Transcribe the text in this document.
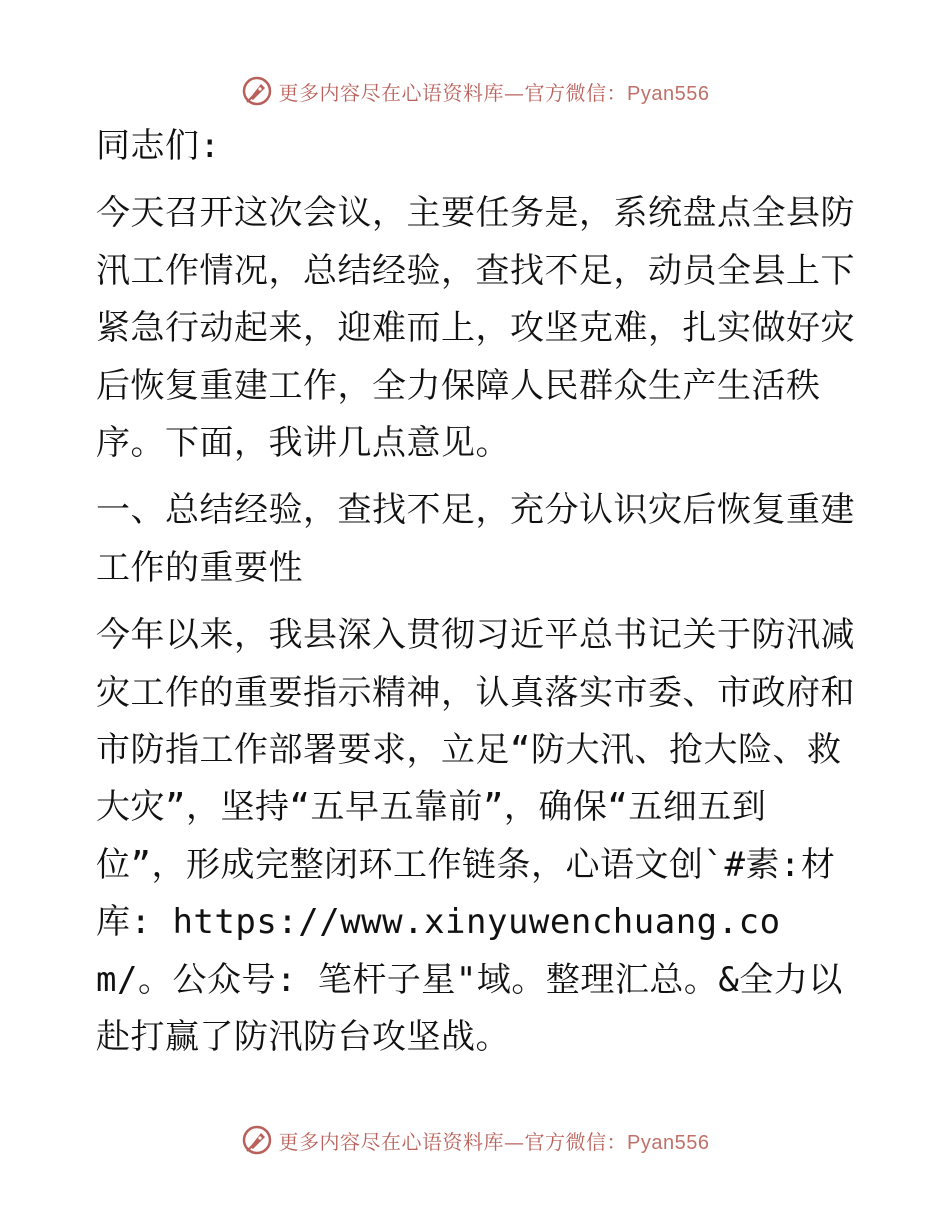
更多内容尽在心语资料库—官方微信：Pyan556

同志们:

今天召开这次会议，主要任务是，系统盘点全县防汛工作情况，总结经验，查找不足，动员全县上下紧急行动起来，迎难而上，攻坚克难，扎实做好灾后恢复重建工作，全力保障人民群众生产生活秩序。下面，我讲几点意见。

一、总结经验，查找不足，充分认识灾后恢复重建工作的重要性

今年以来，我县深入贯彻习近平总书记关于防汛减灾工作的重要指示精神，认真落实市委、市政府和市防指工作部署要求，立足“防大汛、抢大险、救大灾”，坚持“五早五靠前”，确保“五细五到位”，形成完整闭环工作链条，心语文创`#素:材库: https://www.xinyuwenchuang.com/。公众号: 笔杆子星"域。整理汇总。&全力以赴打赢了防汛防台攻坚战。

更多内容尽在心语资料库—官方微信：Pyan556
